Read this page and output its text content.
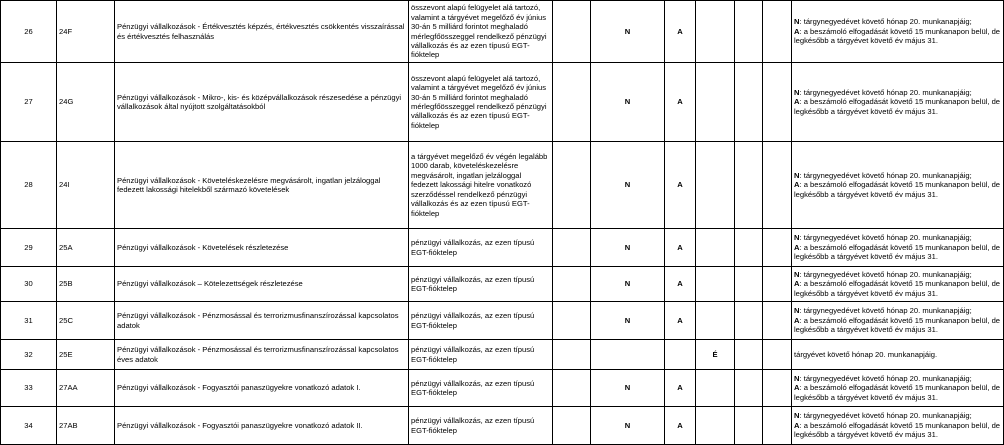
26	24F	Pénzügyi vállalkozások - Értékvesztés képzés, értékvesztés csökkentés visszaírással és értékvesztés felhasználás	összevont alapú felügyelet alá tartozó, valamint a tárgyévet megelőző év június 30-án 5 milliárd forintot meghaladó mérlegfőösszeggel rendelkező pénzügyi vállalkozás és az ezen típusú EGT-fióktelep		N	A				N: tárgynegyedévet követő hónap 20. munkanapjáig;
A: a beszámoló elfogadását követő 15 munkanapon belül, de legkésőbb a tárgyévet követő év május 31.

27	24G	Pénzügyi vállalkozások - Mikro-, kis- és középvállalkozások részesedése a pénzügyi vállalkozások által nyújtott szolgáltatásokból	összevont alapú felügyelet alá tartozó, valamint a tárgyévet megelőző év június 30-án 5 milliárd forintot meghaladó mérlegfőösszeggel rendelkező pénzügyi vállalkozás és az ezen típusú EGT-fióktelep		N	A				N: tárgynegyedévet követő hónap 20. munkanapjáig;
A: a beszámoló elfogadását követő 15 munkanapon belül, de legkésőbb a tárgyévet követő év május 31.

28	24I	Pénzügyi vállalkozások - Követeléskezelésre megvásárolt, ingatlan jelzáloggal fedezett lakossági hitelekből származó követelések	a tárgyévet megelőző év végén legalább 1000 darab, követeléskezelésre megvásárolt, ingatlan jelzáloggal fedezett lakossági hitelre vonatkozó szerződéssel rendelkező pénzügyi vállalkozás és az ezen típusú EGT-fióktelep		N	A				N: tárgynegyedévet követő hónap 20. munkanapjáig;
A: a beszámoló elfogadását követő 15 munkanapon belül, de legkésőbb a tárgyévet követő év május 31.

29	25A	Pénzügyi vállalkozások - Követelések részletezése	pénzügyi vállalkozás, az ezen típusú EGT-fióktelep		N	A				N: tárgynegyedévet követő hónap 20. munkanapjáig;
A: a beszámoló elfogadását követő 15 munkanapon belül, de legkésőbb a tárgyévet követő év május 31.

30	25B	Pénzügyi vállalkozások – Kötelezettségek részletezése	pénzügyi vállalkozás, az ezen típusú EGT-fióktelep		N	A				N: tárgynegyedévet követő hónap 20. munkanapjáig;
A: a beszámoló elfogadását követő 15 munkanapon belül, de legkésőbb a tárgyévet követő év május 31.

31	25C	Pénzügyi vállalkozások - Pénzmosással és terrorizmusfinanszírozással kapcsolatos adatok	pénzügyi vállalkozás, az ezen típusú EGT-fióktelep		N	A				N: tárgynegyedévet követő hónap 20. munkanapjáig;
A: a beszámoló elfogadását követő 15 munkanapon belül, de legkésőbb a tárgyévet követő év május 31.

32	25E	Pénzügyi vállalkozások - Pénzmosással és terrorizmusfinanszírozással kapcsolatos éves adatok	pénzügyi vállalkozás, az ezen típusú EGT-fióktelep				É			tárgyévet követő hónap 20. munkanapjáig.

33	27AA	Pénzügyi vállalkozások - Fogyasztói panaszügyekre vonatkozó adatok I.	pénzügyi vállalkozás, az ezen típusú EGT-fióktelep		N	A				N: tárgynegyedévet követő hónap 20. munkanapjáig;
A: a beszámoló elfogadását követő 15 munkanapon belül, de legkésőbb a tárgyévet követő év május 31.

34	27AB	Pénzügyi vállalkozások - Fogyasztói panaszügyekre vonatkozó adatok II.	pénzügyi vállalkozás, az ezen típusú EGT-fióktelep		N	A				N: tárgynegyedévet követő hónap 20. munkanapjáig;
A: a beszámoló elfogadását követő 15 munkanapon belül, de legkésőbb a tárgyévet követő év május 31.
